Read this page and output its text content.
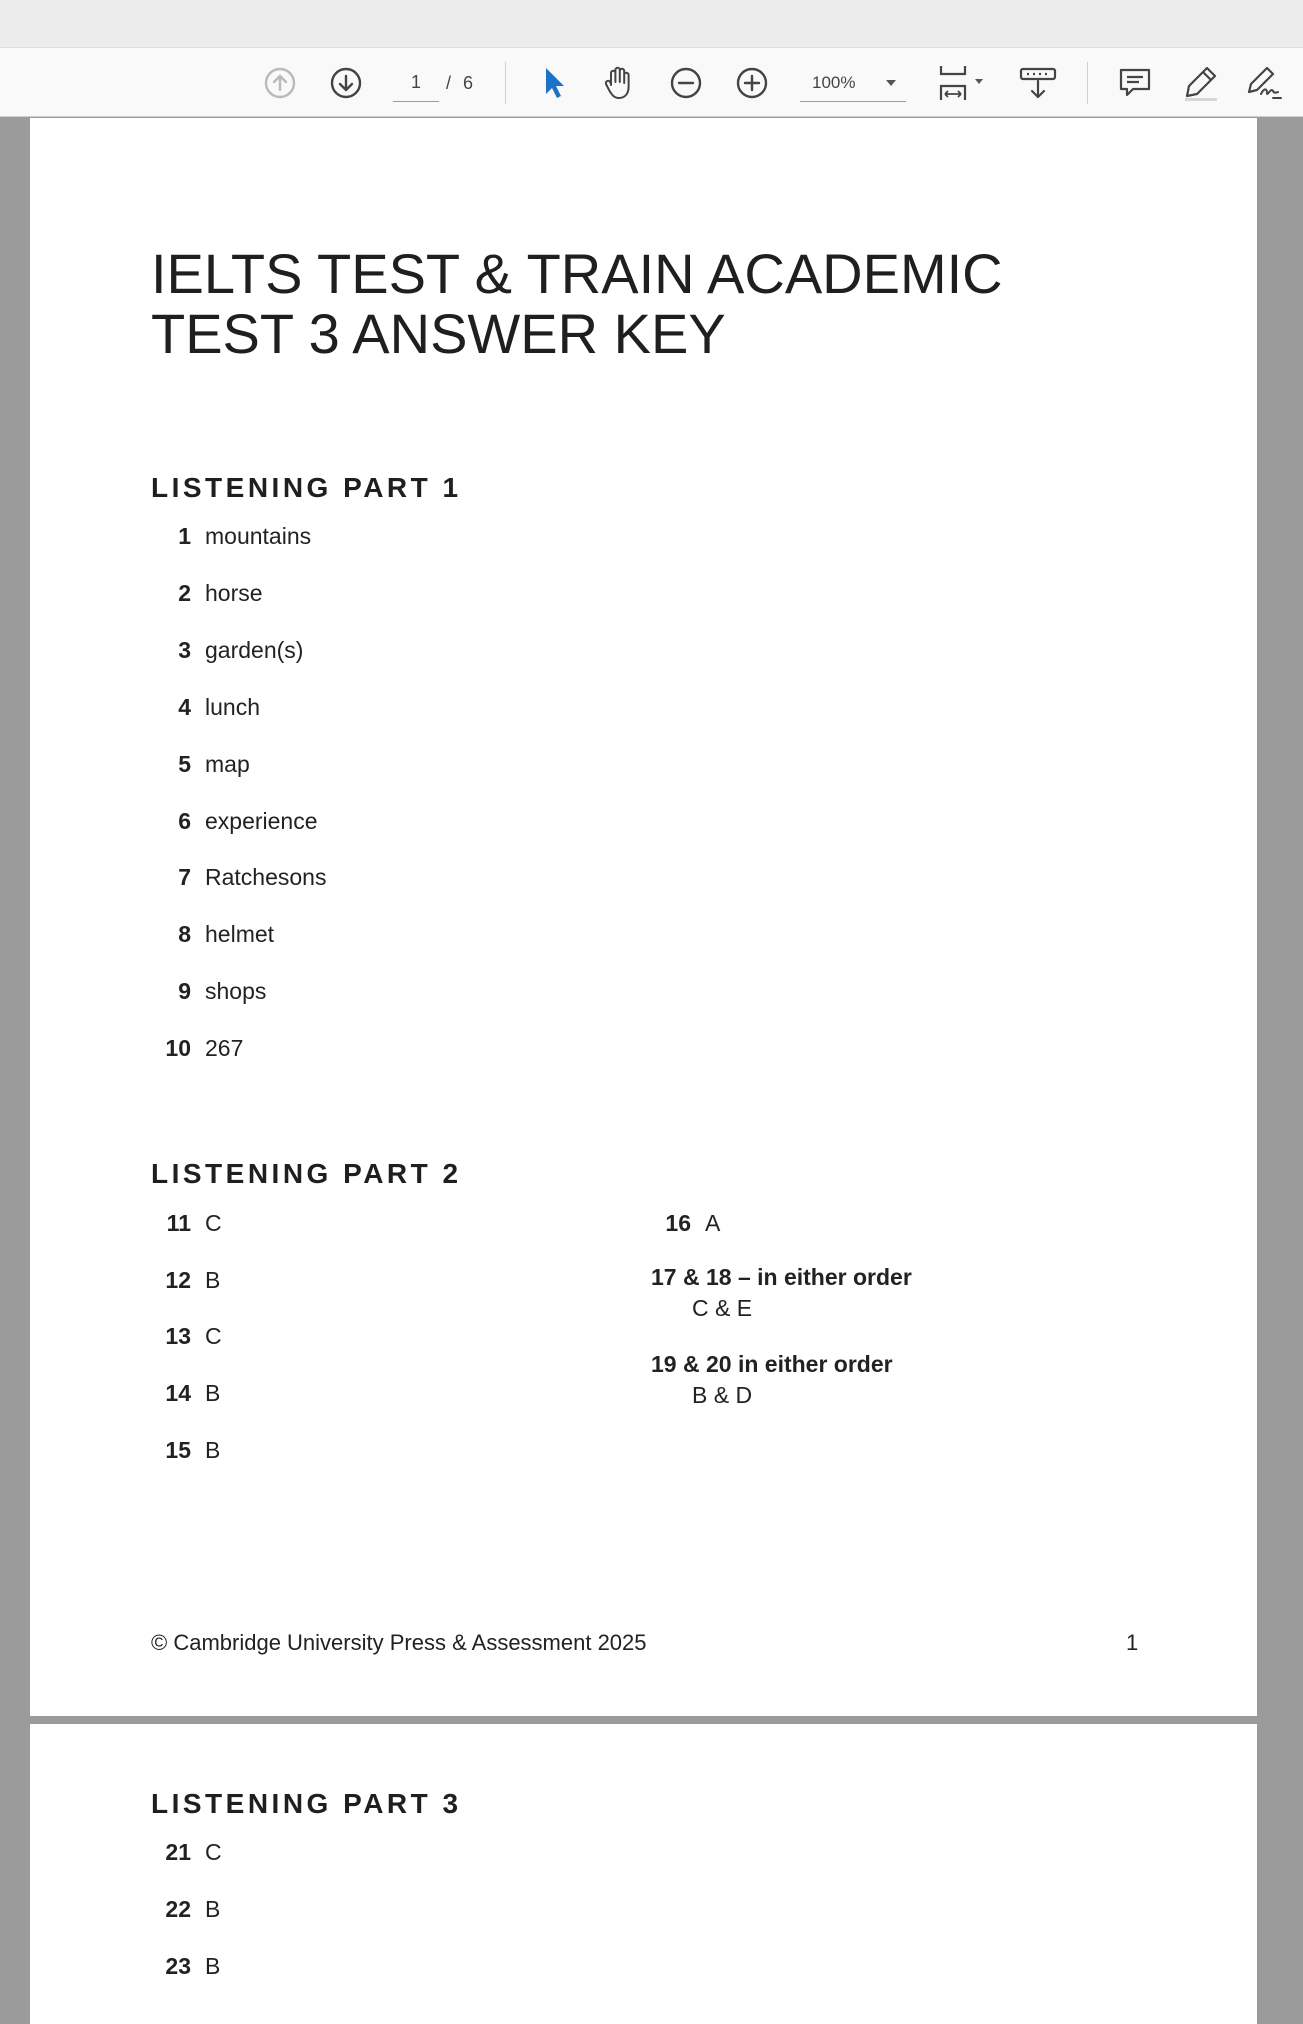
1	/ 6	100%
IELTS TEST & TRAIN ACADEMIC
TEST 3 ANSWER KEY
LISTENING PART 1
1 mountains
2 horse
3 garden(s)
4 lunch
5 map
6 experience
7 Ratchesons
8 helmet
9 shops
10 267
LISTENING PART 2
11 C
12 B
13 C
14 B
15 B
16 A
17 & 18 – in either order
C & E
19 & 20 in either order
B & D
© Cambridge University Press & Assessment 2025	1
LISTENING PART 3
21 C
22 B
23 B
